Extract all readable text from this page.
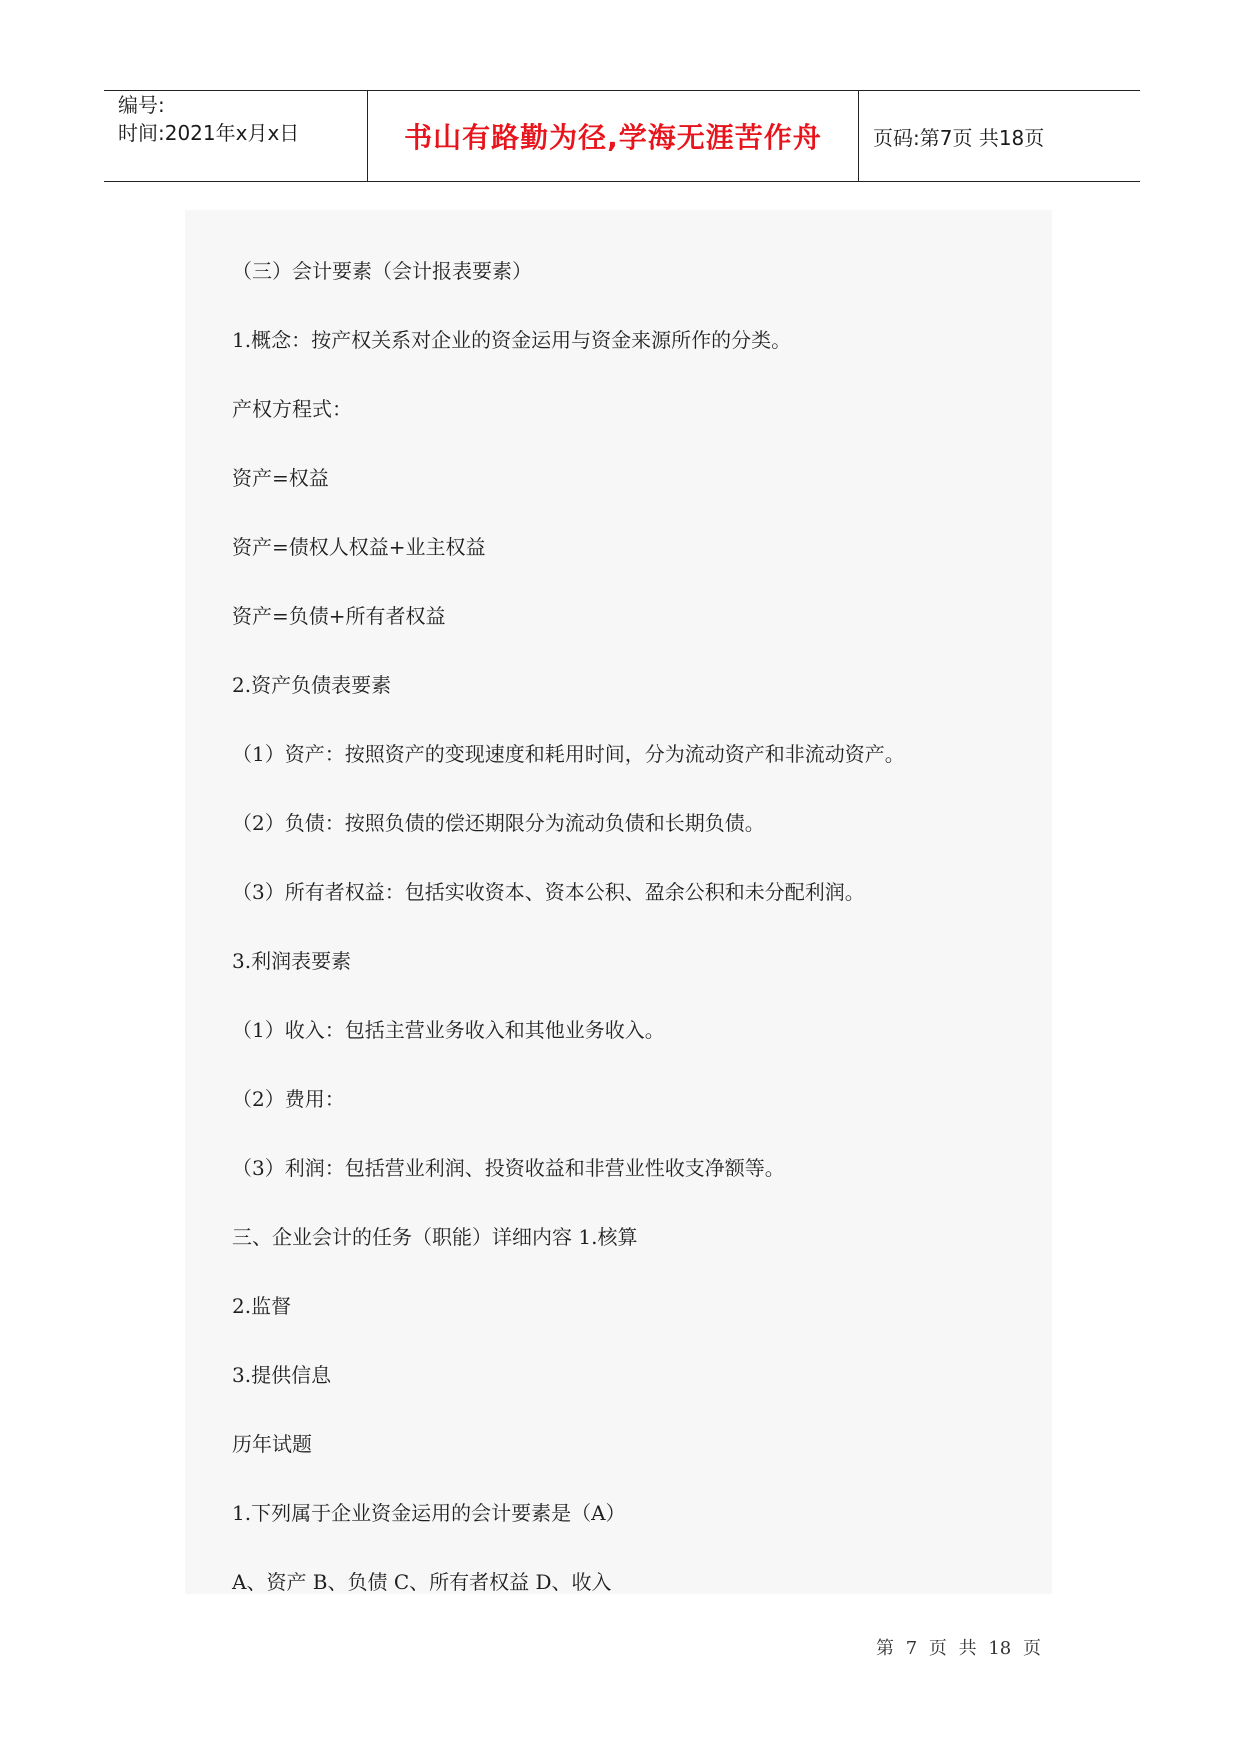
编号:
时间:2021年x月x日	书山有路勤为径,学海无涯苦作舟	页码:第7页 共18页
（三）会计要素（会计报表要素）
1.概念：按产权关系对企业的资金运用与资金来源所作的分类。
产权方程式：
资产=权益
资产=债权人权益+业主权益
资产=负债+所有者权益
2.资产负债表要素
（1）资产：按照资产的变现速度和耗用时间，分为流动资产和非流动资产。
（2）负债：按照负债的偿还期限分为流动负债和长期负债。
（3）所有者权益：包括实收资本、资本公积、盈余公积和未分配利润。
3.利润表要素
（1）收入：包括主营业务收入和其他业务收入。
（2）费用：
（3）利润：包括营业利润、投资收益和非营业性收支净额等。
三、企业会计的任务（职能）详细内容 1.核算
2.监督
3.提供信息
历年试题
1.下列属于企业资金运用的会计要素是（A）
A、资产 B、负债 C、所有者权益 D、收入
第 7 页 共 18 页
